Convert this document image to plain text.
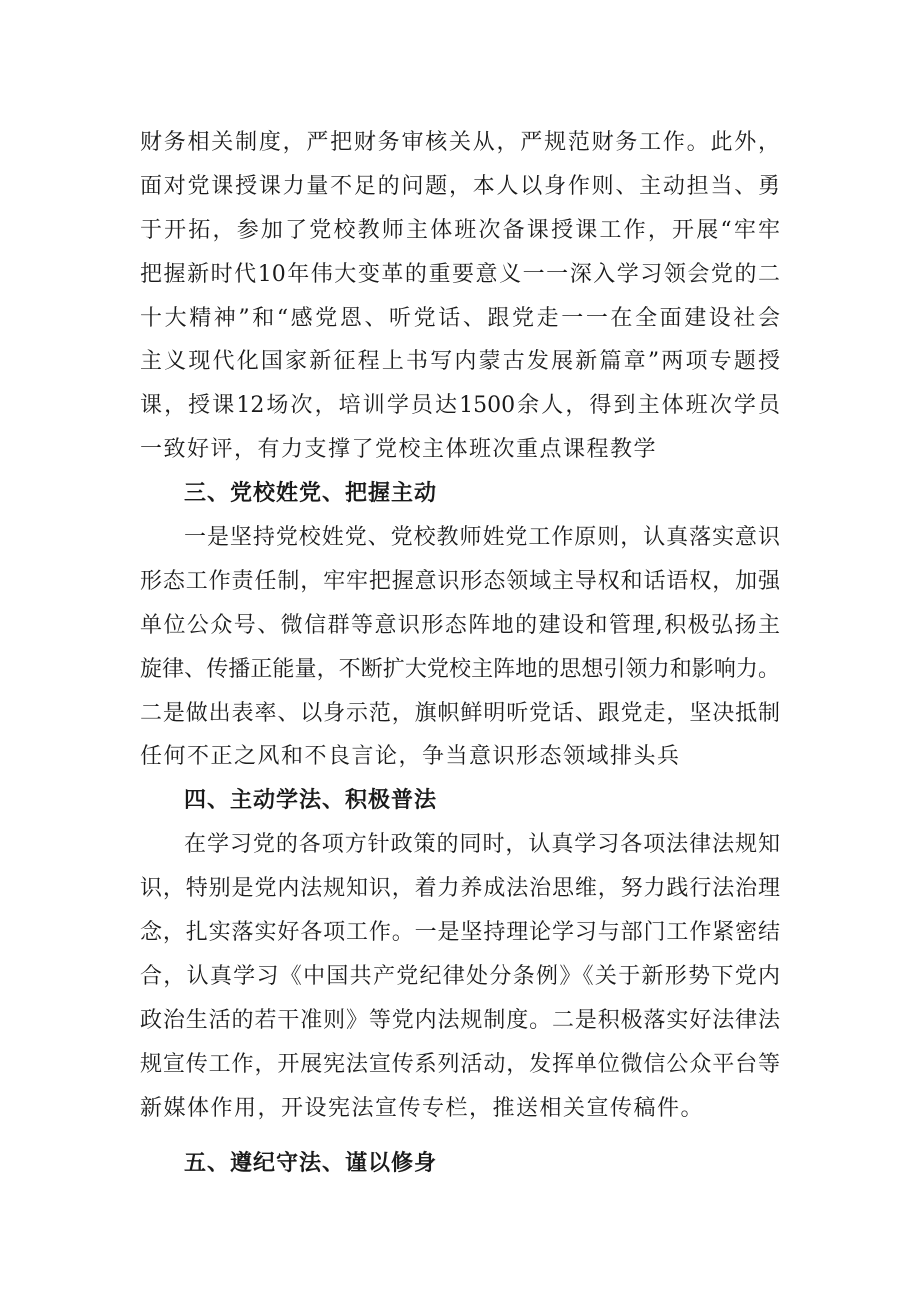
财务相关制度，严把财务审核关从，严规范财务工作。此外，
面对党课授课力量不足的问题，本人以身作则、主动担当、勇
于开拓，参加了党校教师主体班次备课授课工作，开展“牢牢
把握新时代10年伟大变革的重要意义一一深入学习领会党的二
十大精神”和“感党恩、听党话、跟党走一一在全面建设社会
主义现代化国家新征程上书写内蒙古发展新篇章”两项专题授
课，授课12场次，培训学员达1500余人，得到主体班次学员
一致好评，有力支撑了党校主体班次重点课程教学
三、党校姓党、把握主动
一是坚持党校姓党、党校教师姓党工作原则，认真落实意识
形态工作责任制，牢牢把握意识形态领域主导权和话语权，加强
单位公众号、微信群等意识形态阵地的建设和管理,积极弘扬主
旋律、传播正能量，不断扩大党校主阵地的思想引领力和影响力。
二是做出表率、以身示范，旗帜鲜明听党话、跟党走，坚决抵制
任何不正之风和不良言论，争当意识形态领域排头兵
四、主动学法、积极普法
在学习党的各项方针政策的同时，认真学习各项法律法规知
识，特别是党内法规知识，着力养成法治思维，努力践行法治理
念，扎实落实好各项工作。一是坚持理论学习与部门工作紧密结
合，认真学习《中国共产党纪律处分条例》《关于新形势下党内
政治生活的若干准则》等党内法规制度。二是积极落实好法律法
规宣传工作，开展宪法宣传系列活动，发挥单位微信公众平台等
新媒体作用，开设宪法宣传专栏，推送相关宣传稿件。
五、遵纪守法、谨以修身
